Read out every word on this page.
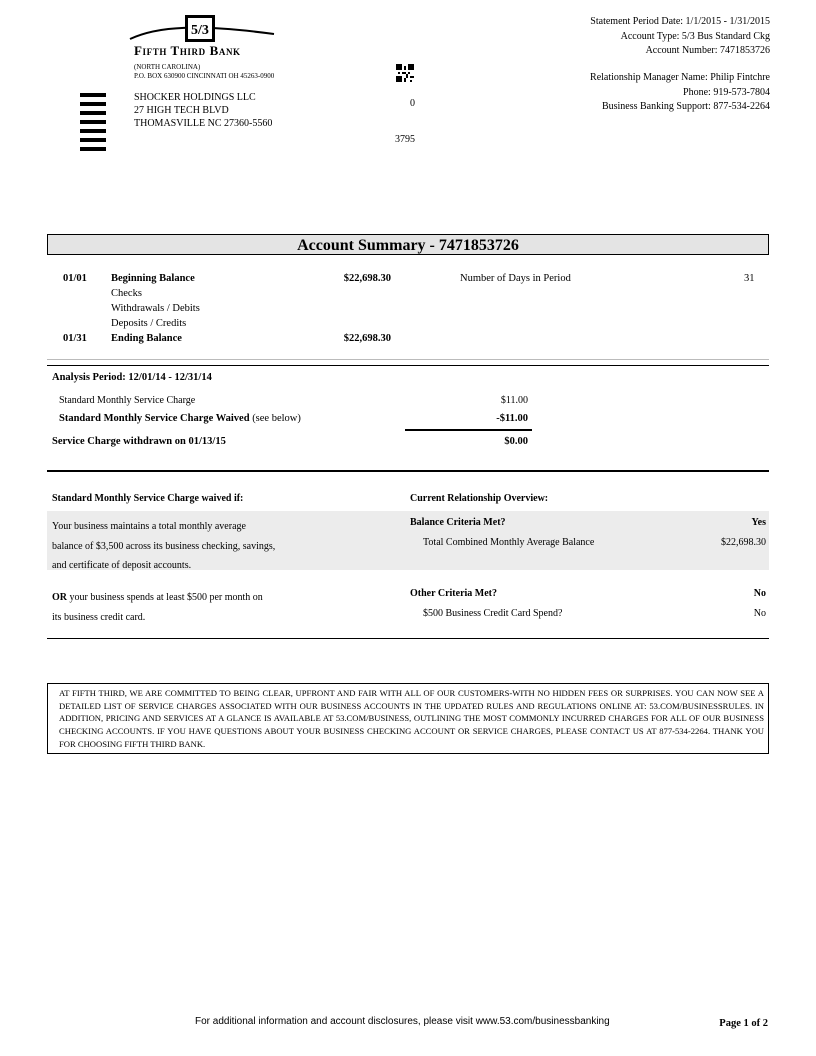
5/3
Fifth Third Bank
(NORTH CAROLINA)
P.O. BOX 630900 CINCINNATI OH 45263-0900
SHOCKER HOLDINGS LLC
27 HIGH TECH BLVD
THOMASVILLE NC 27360-5560
0
3795
Statement Period Date: 1/1/2015 - 1/31/2015
Account Type: 5/3 Bus Standard Ckg
Account Number: 7471853726
Relationship Manager Name: Philip Fintchre
Phone: 919-573-7804
Business Banking Support: 877-534-2264
Account Summary - 7471853726
01/01	Beginning Balance	$22,698.30
Checks
Withdrawals / Debits
Deposits / Credits
01/31	Ending Balance	$22,698.30
Number of Days in Period	31
Analysis Period: 12/01/14 - 12/31/14
Standard Monthly Service Charge	$11.00
Standard Monthly Service Charge Waived (see below)	-$11.00
Service Charge withdrawn on 01/13/15	$0.00
Standard Monthly Service Charge waived if:	Current Relationship Overview:
Your business maintains a total monthly average
balance of $3,500 across its business checking, savings,
and certificate of deposit accounts.
Balance Criteria Met?	Yes
Total Combined Monthly Average Balance	$22,698.30
OR your business spends at least $500 per month on
its business credit card.
Other Criteria Met?	No
$500 Business Credit Card Spend?	No
AT FIFTH THIRD, WE ARE COMMITTED TO BEING CLEAR, UPFRONT AND FAIR WITH ALL OF OUR CUSTOMERS-WITH NO HIDDEN FEES OR SURPRISES. YOU CAN NOW SEE A DETAILED LIST OF SERVICE CHARGES ASSOCIATED WITH OUR BUSINESS ACCOUNTS IN THE UPDATED RULES AND REGULATIONS ONLINE AT: 53.COM/BUSINESSRULES. IN ADDITION, PRICING AND SERVICES AT A GLANCE IS AVAILABLE AT 53.COM/BUSINESS, OUTLINING THE MOST COMMONLY INCURRED CHARGES FOR ALL OF OUR BUSINESS CHECKING ACCOUNTS. IF YOU HAVE QUESTIONS ABOUT YOUR BUSINESS CHECKING ACCOUNT OR SERVICE CHARGES, PLEASE CONTACT US AT 877-534-2264. THANK YOU FOR CHOOSING FIFTH THIRD BANK.
For additional information and account disclosures, please visit www.53.com/businessbanking	Page 1 of 2
